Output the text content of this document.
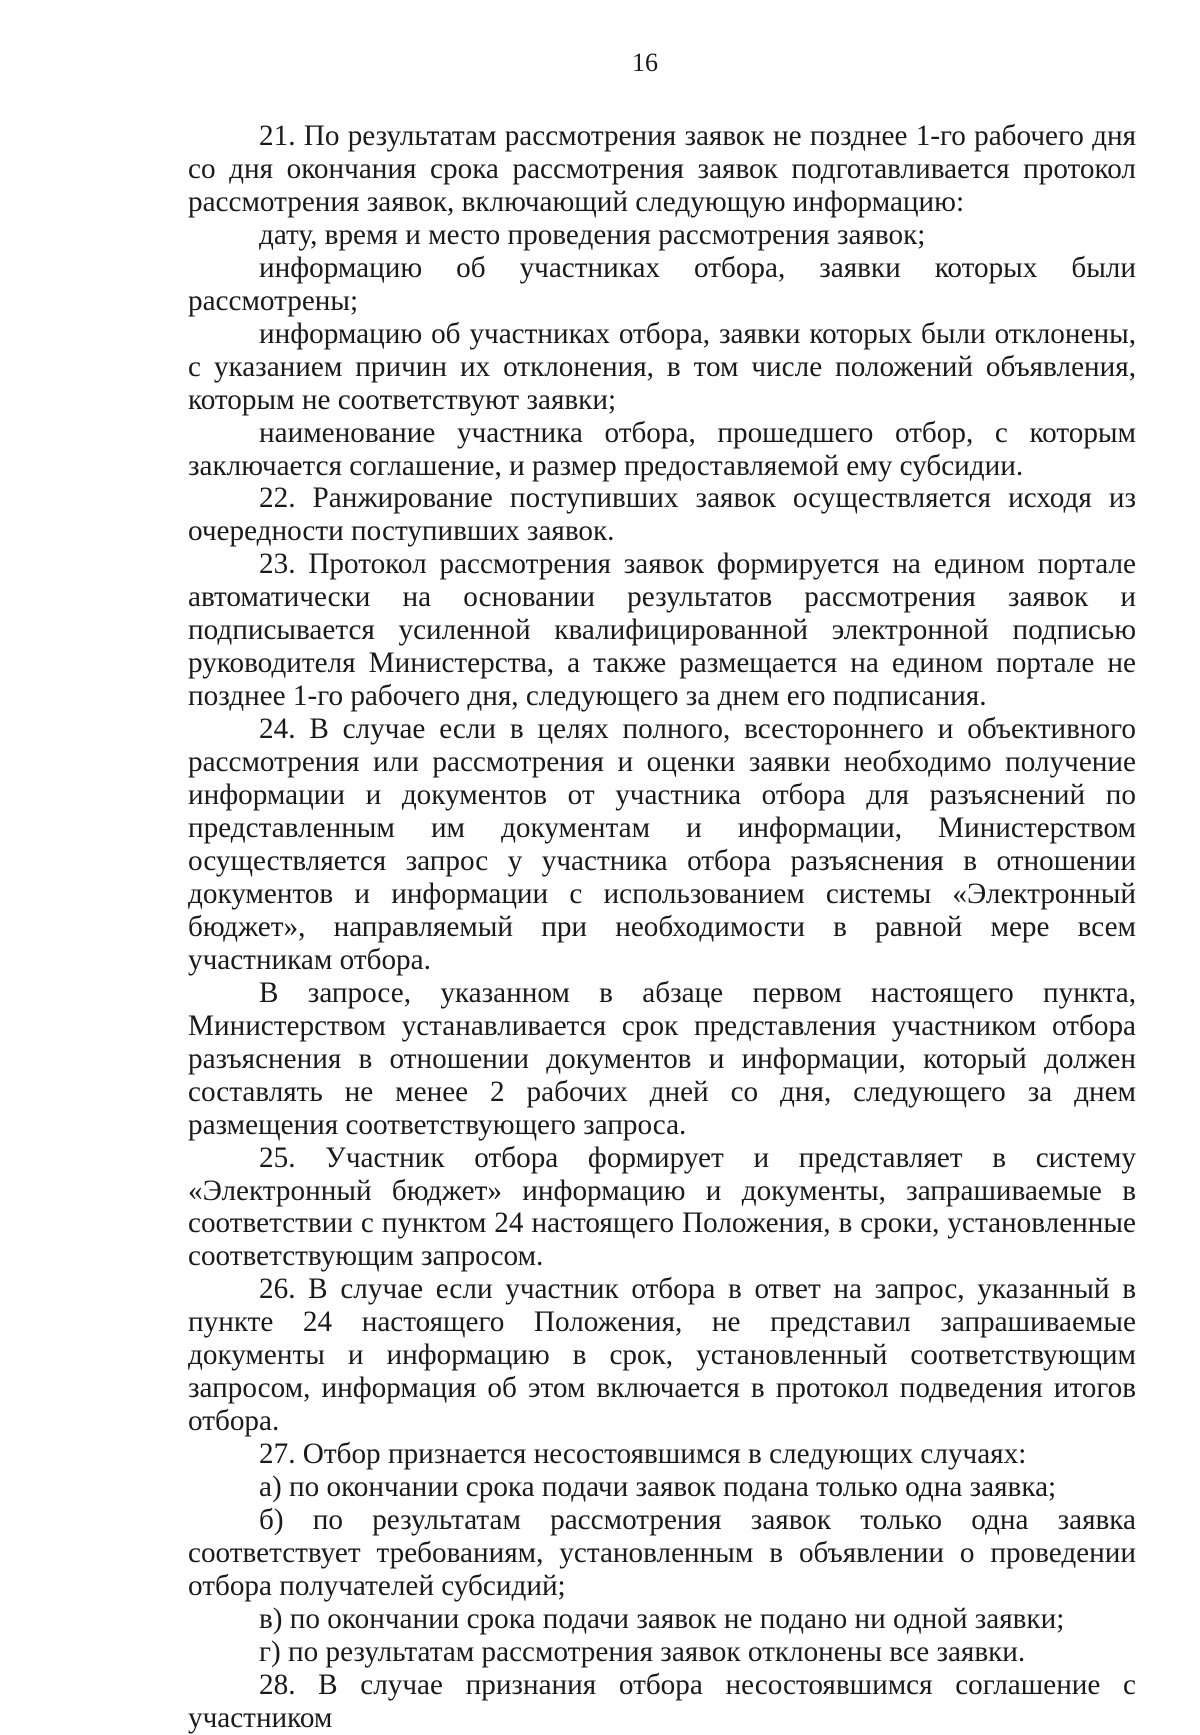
16

21. По результатам рассмотрения заявок не позднее 1-го рабочего дня со дня окончания срока рассмотрения заявок подготавливается протокол рассмотрения заявок, включающий следующую информацию:

дату, время и место проведения рассмотрения заявок;

информацию об участниках отбора, заявки которых были рассмотрены;

информацию об участниках отбора, заявки которых были отклонены, с указанием причин их отклонения, в том числе положений объявления, которым не соответствуют заявки;

наименование участника отбора, прошедшего отбор, с которым заключается соглашение, и размер предоставляемой ему субсидии.

22. Ранжирование поступивших заявок осуществляется исходя из очередности поступивших заявок.

23. Протокол рассмотрения заявок формируется на едином портале автоматически на основании результатов рассмотрения заявок и подписывается усиленной квалифицированной электронной подписью руководителя Министерства, а также размещается на едином портале не позднее 1-го рабочего дня, следующего за днем его подписания.

24. В случае если в целях полного, всестороннего и объективного рассмотрения или рассмотрения и оценки заявки необходимо получение информации и документов от участника отбора для разъяснений по представленным им документам и информации, Министерством осуществляется запрос у участника отбора разъяснения в отношении документов и информации с использованием системы «Электронный бюджет», направляемый при необходимости в равной мере всем участникам отбора.

В запросе, указанном в абзаце первом настоящего пункта, Министерством устанавливается срок представления участником отбора разъяснения в отношении документов и информации, который должен составлять не менее 2 рабочих дней со дня, следующего за днем размещения соответствующего запроса.

25. Участник отбора формирует и представляет в систему «Электронный бюджет» информацию и документы, запрашиваемые в соответствии с пунктом 24 настоящего Положения, в сроки, установленные соответствующим запросом.

26. В случае если участник отбора в ответ на запрос, указанный в пункте 24 настоящего Положения, не представил запрашиваемые документы и информацию в срок, установленный соответствующим запросом, информация об этом включается в протокол подведения итогов отбора.

27. Отбор признается несостоявшимся в следующих случаях:

а) по окончании срока подачи заявок подана только одна заявка;

б) по результатам рассмотрения заявок только одна заявка соответствует требованиям, установленным в объявлении о проведении отбора получателей субсидий;

в) по окончании срока подачи заявок не подано ни одной заявки;

г) по результатам рассмотрения заявок отклонены все заявки.

28. В случае признания отбора несостоявшимся соглашение с участником
